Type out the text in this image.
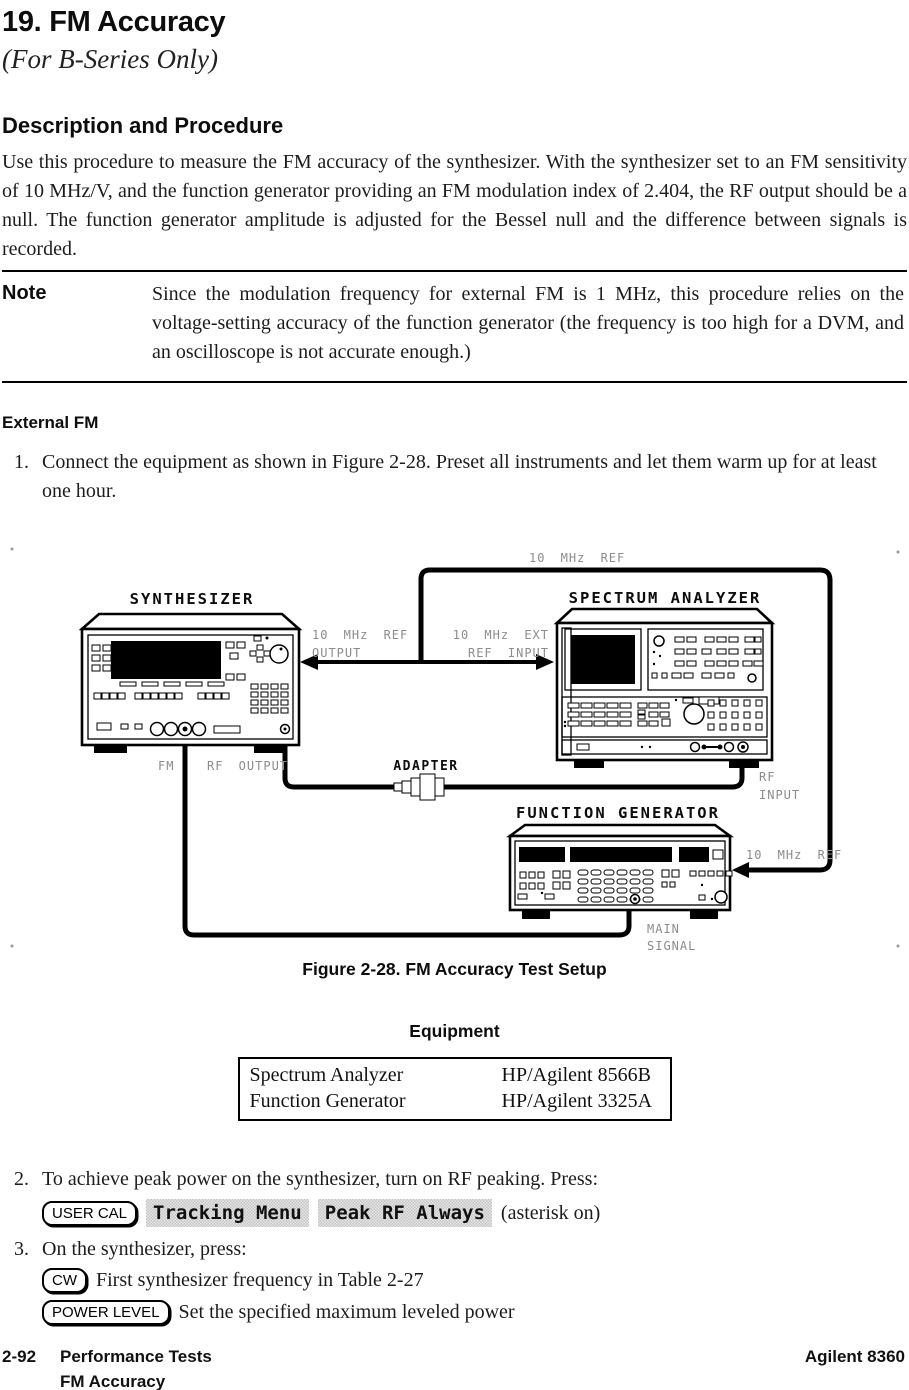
19. FM Accuracy
(For B-Series Only)
Description and Procedure

Use this procedure to measure the FM accuracy of the synthesizer. With the synthesizer set to an FM sensitivity of 10 MHz/V, and the function generator providing an FM modulation index of 2.404, the RF output should be a null. The function generator amplitude is adjusted for the Bessel null and the difference between signals is recorded.

Note	Since the modulation frequency for external FM is 1 MHz, this procedure relies on the voltage-setting accuracy of the function generator (the frequency is too high for a DVM, and an oscilloscope is not accurate enough.)
External FM
1. Connect the equipment as shown in Figure 2-28. Preset all instruments and let them warm up for at least one hour.
ADAPTER
SYNTHESIZER	SPECTRUM ANALYZER
FUNCTION GENERATOR
10 MHz REF
10 MHz REF
OUTPUT
10 MHz EXT
REF INPUT
FM	RF OUTPUT
RF
INPUT
10 MHz REF
MAIN
SIGNAL
Figure 2-28. FM Accuracy Test Setup
Equipment
Spectrum Analyzer	HP/Agilent 8566B
Function Generator	HP/Agilent 3325A
2. To achieve peak power on the synthesizer, turn on RF peaking. Press:
USER CAL	Tracking Menu	Peak RF Always (asterisk on)
3. On the synthesizer, press:
CW First synthesizer frequency in Table 2-27
POWER LEVEL Set the specified maximum leveled power
2-92	Performance Tests	Agilent 8360
FM Accuracy
